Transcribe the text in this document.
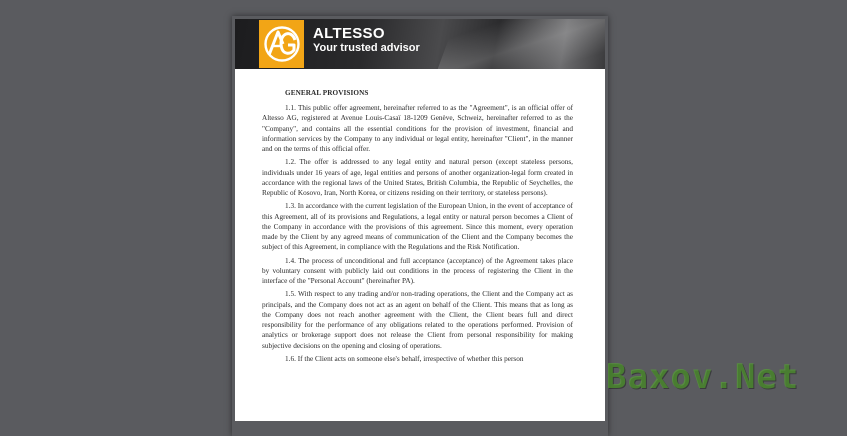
ALTESSO
Your trusted advisor
GENERAL PROVISIONS

1.1. This public offer agreement, hereinafter referred to as the "Agreement", is an official offer of Altesso AG, registered at Avenue Louis-Casaï 18-1209 Genève, Schweiz, hereinafter referred to as the "Company", and contains all the essential conditions for the provision of investment, financial and information services by the Company to any individual or legal entity, hereinafter "Client", in the manner and on the terms of this official offer.

1.2. The offer is addressed to any legal entity and natural person (except stateless persons, individuals under 16 years of age, legal entities and persons of another organization-legal form created in accordance with the regional laws of the United States, British Columbia, the Republic of Seychelles, the Republic of Kosovo, Iran, North Korea, or citizens residing on their territory, or stateless persons).

1.3. In accordance with the current legislation of the European Union, in the event of acceptance of this Agreement, all of its provisions and Regulations, a legal entity or natural person becomes a Client of the Company in accordance with the provisions of this agreement. Since this moment, every operation made by the Client by any agreed means of communication of the Client and the Company becomes the subject of this Agreement, in compliance with the Regulations and the Risk Notification.

1.4. The process of unconditional and full acceptance (acceptance) of the Agreement takes place by voluntary consent with publicly laid out conditions in the process of registering the Client in the interface of the "Personal Account" (hereinafter PA).

1.5. With respect to any trading and/or non-trading operations, the Client and the Company act as principals, and the Company does not act as an agent on behalf of the Client. This means that as long as the Company does not reach another agreement with the Client, the Client bears full and direct responsibility for the performance of any obligations related to the operations performed. Provision of analytics or brokerage support does not release the Client from personal responsibility for making subjective decisions on the opening and closing of operations.

1.6. If the Client acts on someone else's behalf, irrespective of whether this person	Baxov.Net
